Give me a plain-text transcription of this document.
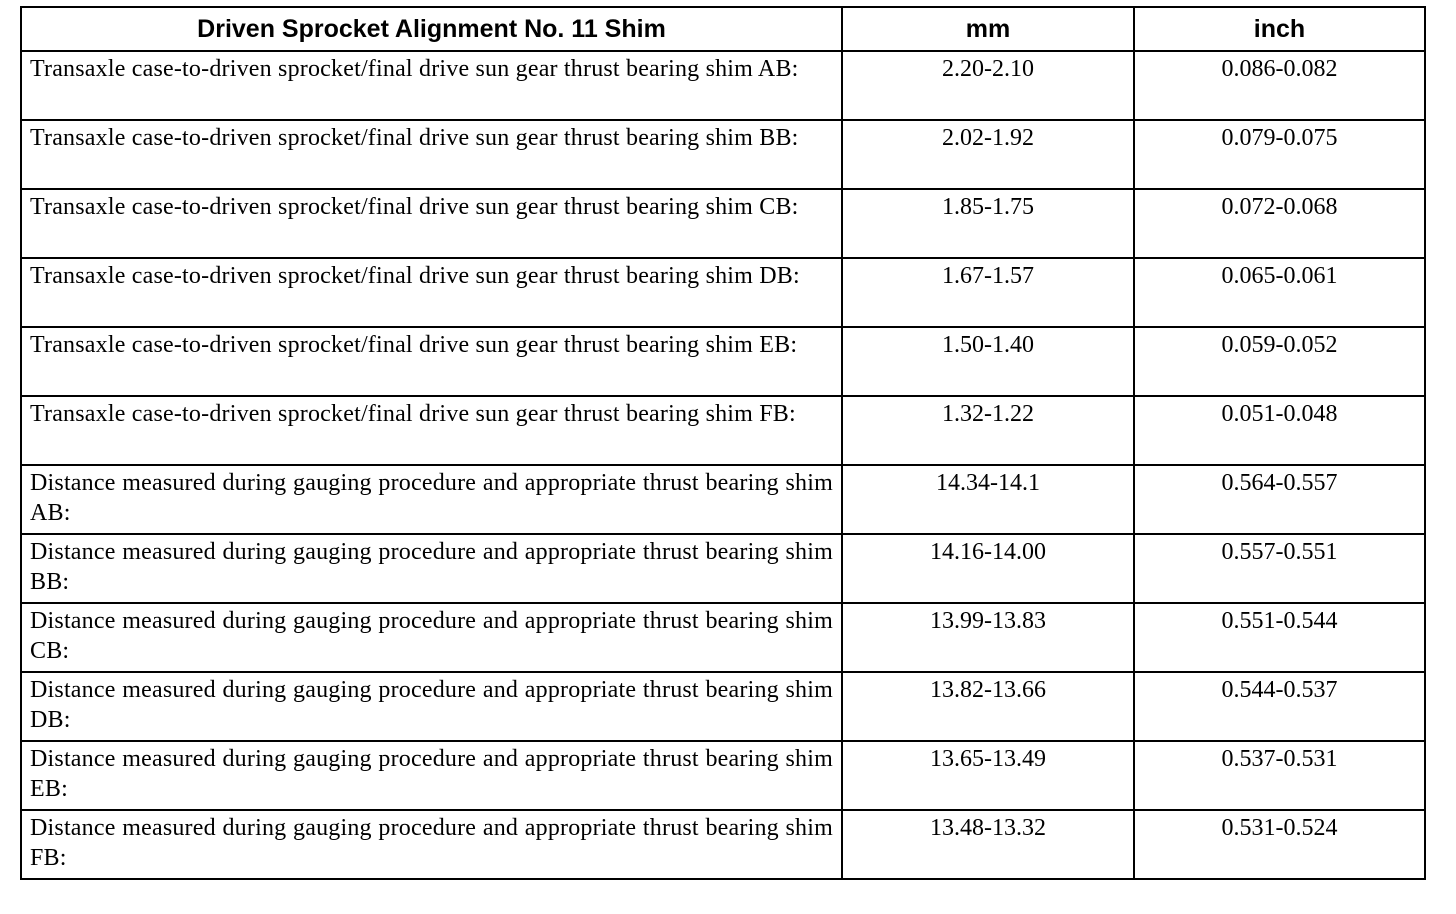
Driven Sprocket Alignment No. 11 Shim	mm	inch
Transaxle case-to-driven sprocket/final drive sun gear thrust bearing shim AB:	2.20-2.10	0.086-0.082
Transaxle case-to-driven sprocket/final drive sun gear thrust bearing shim BB:	2.02-1.92	0.079-0.075
Transaxle case-to-driven sprocket/final drive sun gear thrust bearing shim CB:	1.85-1.75	0.072-0.068
Transaxle case-to-driven sprocket/final drive sun gear thrust bearing shim DB:	1.67-1.57	0.065-0.061
Transaxle case-to-driven sprocket/final drive sun gear thrust bearing shim EB:	1.50-1.40	0.059-0.052
Transaxle case-to-driven sprocket/final drive sun gear thrust bearing shim FB:	1.32-1.22	0.051-0.048
Distance measured during gauging procedure and appropriate thrust bearing shim AB:	14.34-14.1	0.564-0.557
Distance measured during gauging procedure and appropriate thrust bearing shim BB:	14.16-14.00	0.557-0.551
Distance measured during gauging procedure and appropriate thrust bearing shim CB:	13.99-13.83	0.551-0.544
Distance measured during gauging procedure and appropriate thrust bearing shim DB:	13.82-13.66	0.544-0.537
Distance measured during gauging procedure and appropriate thrust bearing shim EB:	13.65-13.49	0.537-0.531
Distance measured during gauging procedure and appropriate thrust bearing shim FB:	13.48-13.32	0.531-0.524
